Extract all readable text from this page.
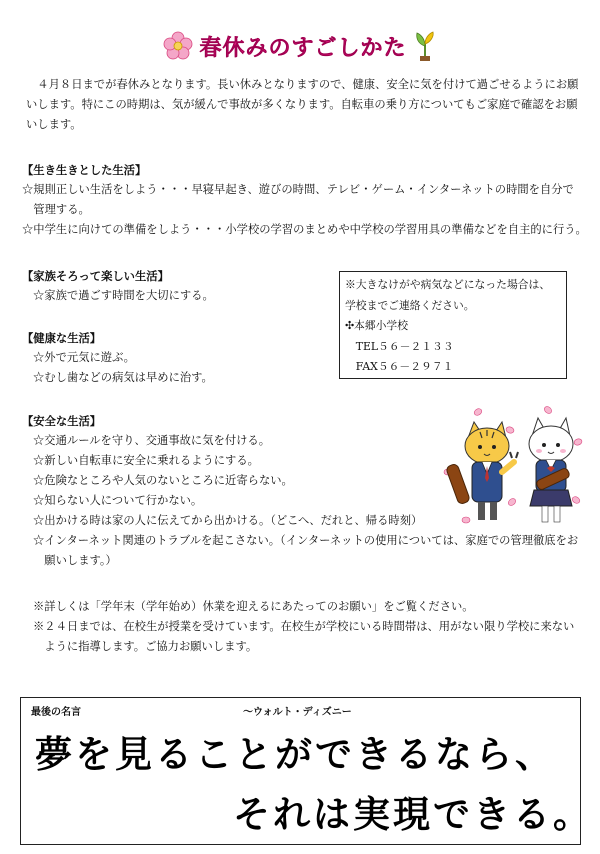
春休みのすごしかた
　４月８日までが春休みとなります。長い休みとなりますので、健康、安全に気を付けて過ごせるようにお願
いします。特にこの時期は、気が緩んで事故が多くなります。自転車の乗り方についてもご家庭で確認をお願
いします。
【生き生きとした生活】
☆規則正しい生活をしよう・・・早寝早起き、遊びの時間、テレビ・ゲーム・インターネットの時間を自分で
　管理する。
☆中学生に向けての準備をしよう・・・小学校の学習のまとめや中学校の学習用具の準備などを自主的に行う。
【家族そろって楽しい生活】
☆家族で過ごす時間を大切にする。
【健康な生活】
☆外で元気に遊ぶ。
☆むし歯などの病気は早めに治す。
※大きなけがや病気などになった場合は、
学校までご連絡ください。
✣本郷小学校
　TEL５６－２１３３
　FAX５６－２９７１
【安全な生活】
☆交通ルールを守り、交通事故に気を付ける。
☆新しい自転車に安全に乗れるようにする。
☆危険なところや人気のないところに近寄らない。
☆知らない人について行かない。
☆出かける時は家の人に伝えてから出かける。（どこへ、だれと、帰る時刻）
☆インターネット関連のトラブルを起こさない。（インターネットの使用については、家庭での管理徹底をお
　願いします。）
※詳しくは「学年末（学年始め）休業を迎えるにあたってのお願い」をご覧ください。
※２４日までは、在校生が授業を受けています。在校生が学校にいる時間帯は、用がない限り学校に来ない
　ように指導します。ご協力お願いします。
最後の名言	～ウォルト・ディズニー
夢を見ることができるなら、
それは実現できる。
